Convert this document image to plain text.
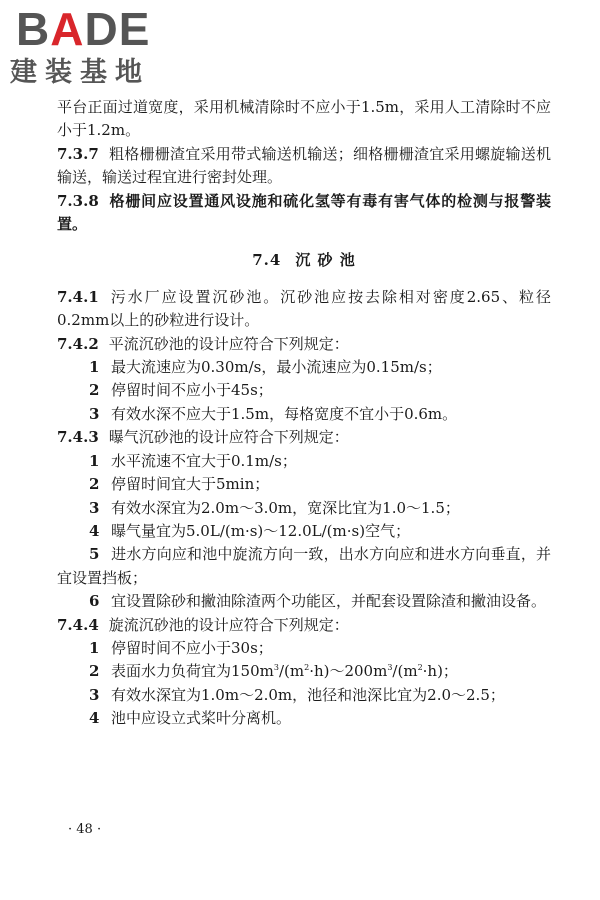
BADE
建装基地

平台正面过道宽度，采用机械清除时不应小于1.5m，采用人工清除时不应小于1.2m。

7.3.7 粗格栅栅渣宜采用带式输送机输送；细格栅栅渣宜采用螺旋输送机输送，输送过程宜进行密封处理。

7.3.8 格栅间应设置通风设施和硫化氢等有毒有害气体的检测与报警装置。

7.4 沉 砂 池

7.4.1 污水厂应设置沉砂池。沉砂池应按去除相对密度2.65、粒径0.2mm以上的砂粒进行设计。

7.4.2 平流沉砂池的设计应符合下列规定：

1 最大流速应为0.30m/s，最小流速应为0.15m/s；

2 停留时间不应小于45s；

3 有效水深不应大于1.5m，每格宽度不宜小于0.6m。

7.4.3 曝气沉砂池的设计应符合下列规定：

1 水平流速不宜大于0.1m/s；

2 停留时间宜大于5min；

3 有效水深宜为2.0m～3.0m，宽深比宜为1.0～1.5；

4 曝气量宜为5.0L/(m·s)～12.0L/(m·s)空气；

5 进水方向应和池中旋流方向一致，出水方向应和进水方向垂直，并宜设置挡板；

6 宜设置除砂和撇油除渣两个功能区，并配套设置除渣和撇油设备。

7.4.4 旋流沉砂池的设计应符合下列规定：

1 停留时间不应小于30s；

2 表面水力负荷宜为$150m^3/(m^2\cdot h)\sim 200m^3/(m^2\cdot h)$；

3 有效水深宜为1.0m～2.0m，池径和池深比宜为2.0～2.5；

4 池中应设立式桨叶分离机。

· 48 ·
